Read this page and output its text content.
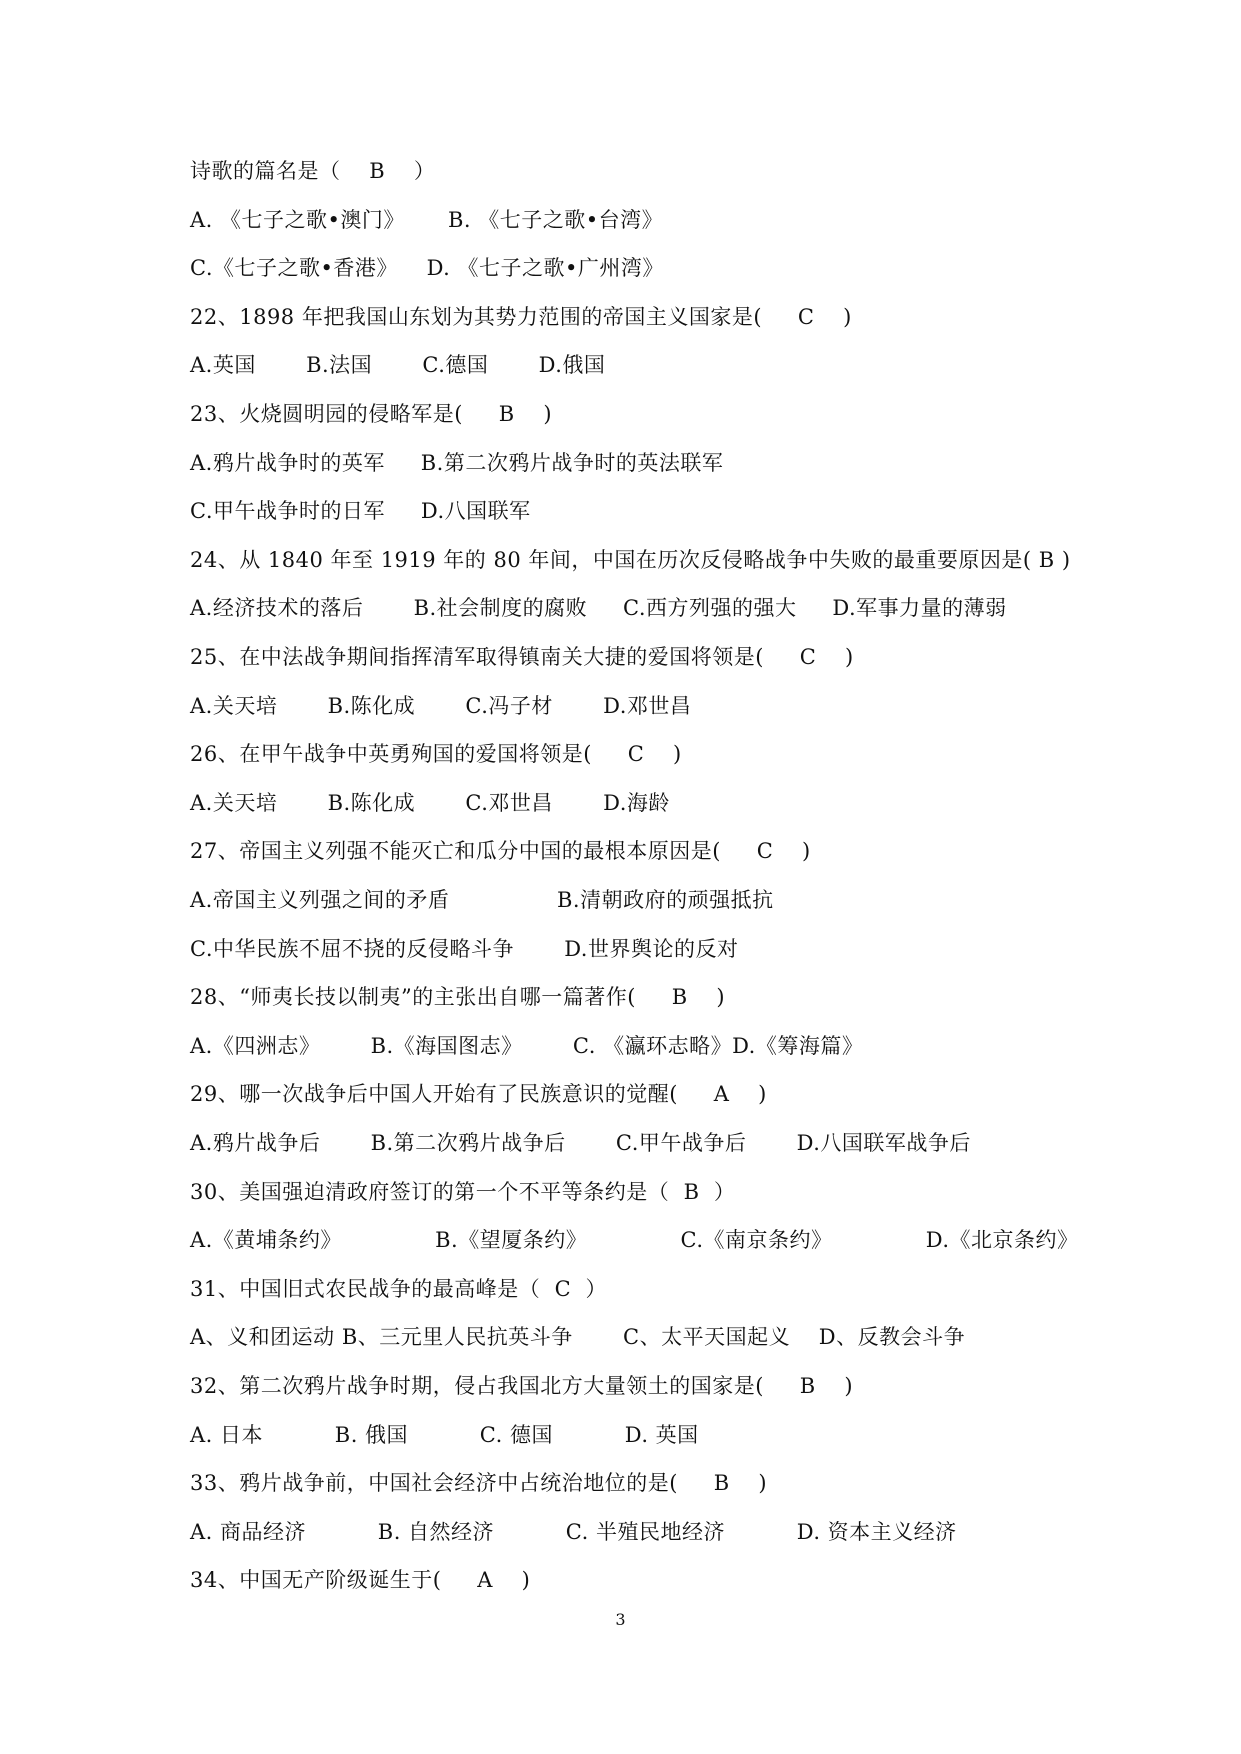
诗歌的篇名是（    B    ）
A. 《七子之歌•澳门》      B. 《七子之歌•台湾》
C.《七子之歌•香港》    D. 《七子之歌•广州湾》
22、1898 年把我国山东划为其势力范围的帝国主义国家是(     C    )
A.英国       B.法国       C.德国       D.俄国
23、火烧圆明园的侵略军是(     B    )
A.鸦片战争时的英军     B.第二次鸦片战争时的英法联军
C.甲午战争时的日军     D.八国联军
24、从 1840 年至 1919 年的 80 年间，中国在历次反侵略战争中失败的最重要原因是( B )
A.经济技术的落后       B.社会制度的腐败     C.西方列强的强大     D.军事力量的薄弱
25、在中法战争期间指挥清军取得镇南关大捷的爱国将领是(     C    )
A.关天培       B.陈化成       C.冯子材       D.邓世昌
26、在甲午战争中英勇殉国的爱国将领是(     C    )
A.关天培       B.陈化成       C.邓世昌       D.海龄
27、帝国主义列强不能灭亡和瓜分中国的最根本原因是(     C    )
A.帝国主义列强之间的矛盾               B.清朝政府的顽强抵抗
C.中华民族不屈不挠的反侵略斗争       D.世界舆论的反对
28、“师夷长技以制夷”的主张出自哪一篇著作(     B    )
A.《四洲志》       B.《海国图志》       C. 《瀛环志略》D.《筹海篇》
29、哪一次战争后中国人开始有了民族意识的觉醒(     A    )
A.鸦片战争后       B.第二次鸦片战争后       C.甲午战争后       D.八国联军战争后
30、美国强迫清政府签订的第一个不平等条约是（  B  ）
A.《黄埔条约》             B.《望厦条约》             C.《南京条约》             D.《北京条约》
31、中国旧式农民战争的最高峰是（  C  ）
A、义和团运动 B、三元里人民抗英斗争       C、太平天国起义    D、反教会斗争
32、第二次鸦片战争时期，侵占我国北方大量领土的国家是(     B    )
A. 日本          B. 俄国          C. 德国          D. 英国
33、鸦片战争前，中国社会经济中占统治地位的是(     B    )
A. 商品经济          B. 自然经济          C. 半殖民地经济          D. 资本主义经济
34、中国无产阶级诞生于(     A    )
3
